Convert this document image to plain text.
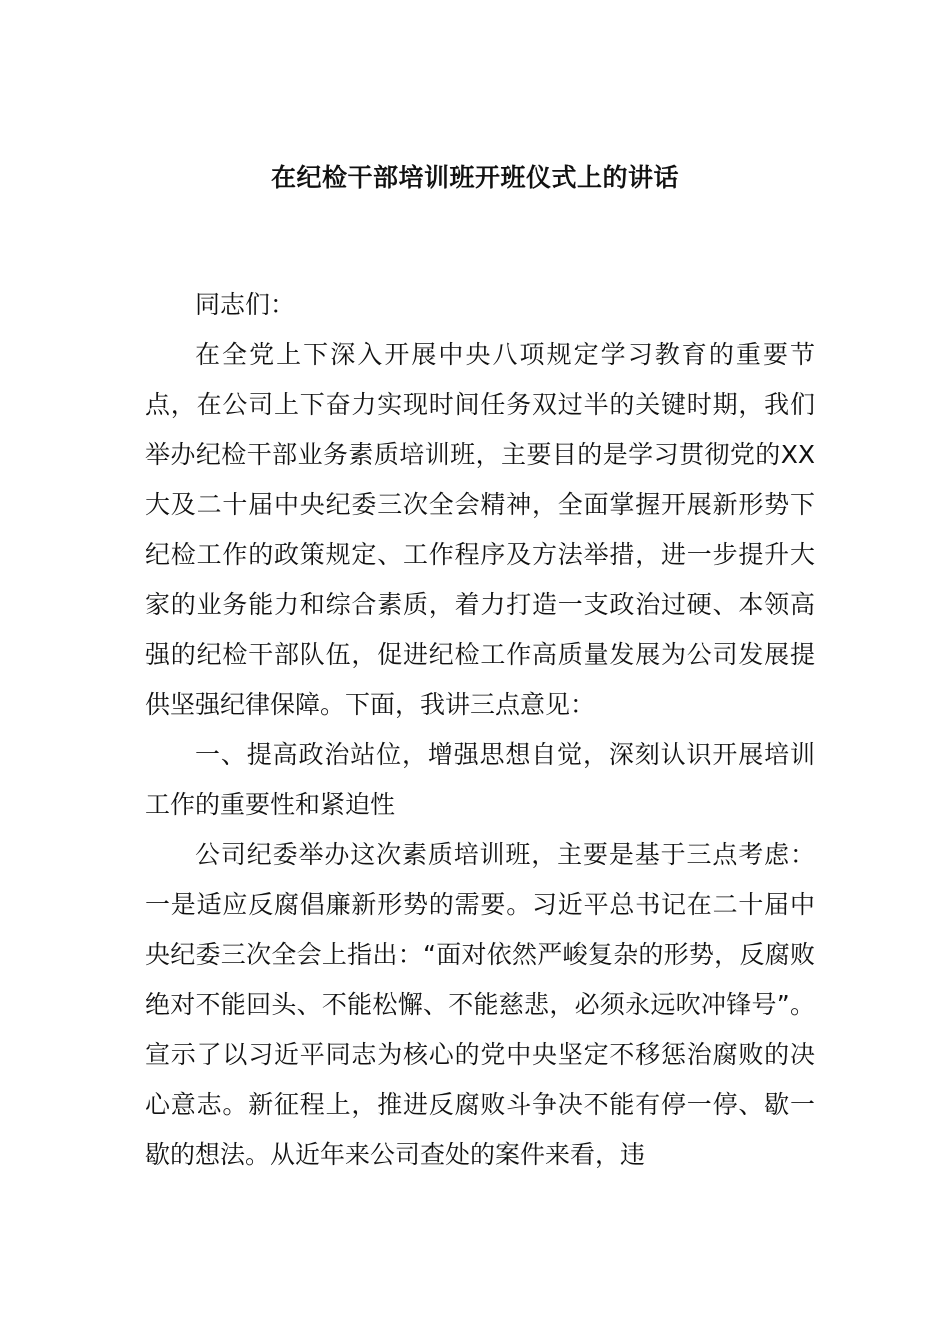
在纪检干部培训班开班仪式上的讲话

同志们：

在全党上下深入开展中央八项规定学习教育的重要节点，在公司上下奋力实现时间任务双过半的关键时期，我们举办纪检干部业务素质培训班，主要目的是学习贯彻党的XX大及二十届中央纪委三次全会精神，全面掌握开展新形势下纪检工作的政策规定、工作程序及方法举措，进一步提升大家的业务能力和综合素质，着力打造一支政治过硬、本领高强的纪检干部队伍，促进纪检工作高质量发展为公司发展提供坚强纪律保障。下面，我讲三点意见：

一、提高政治站位，增强思想自觉，深刻认识开展培训工作的重要性和紧迫性

公司纪委举办这次素质培训班，主要是基于三点考虑：一是适应反腐倡廉新形势的需要。习近平总书记在二十届中央纪委三次全会上指出：“面对依然严峻复杂的形势，反腐败绝对不能回头、不能松懈、不能慈悲，必须永远吹冲锋号”。宣示了以习近平同志为核心的党中央坚定不移惩治腐败的决心意志。新征程上，推进反腐败斗争决不能有停一停、歇一歇的想法。从近年来公司查处的案件来看，违
